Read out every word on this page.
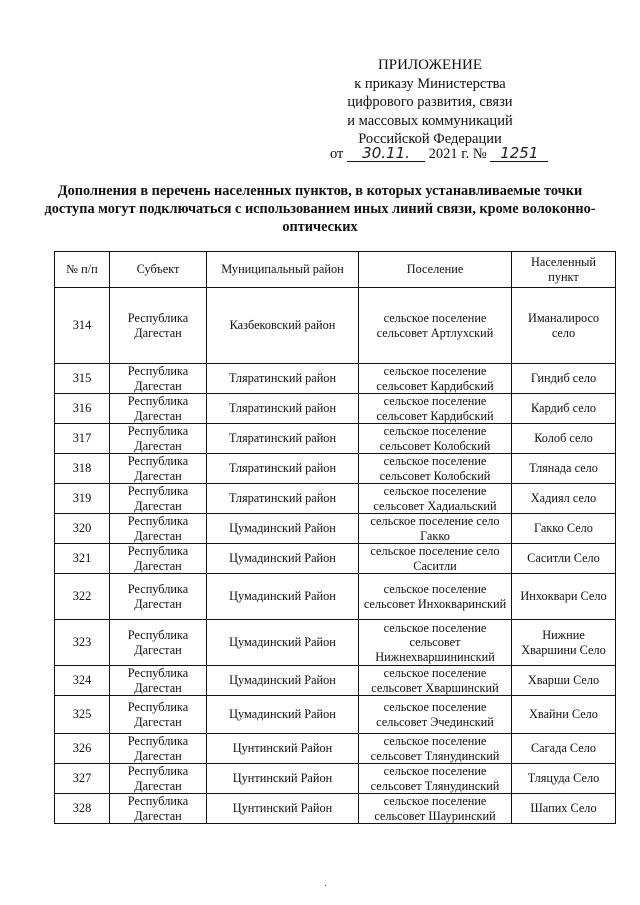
ПРИЛОЖЕНИЕ
к приказу Министерства
цифрового развития, связи
и массовых коммуникаций
Российской Федерации
от 30.11. 2021 г. № 1251
Дополнения в перечень населенных пунктов, в которых устанавливаемые точки доступа могут подключаться с использованием иных линий связи, кроме волоконно-оптических
№ п/п	Субъект	Муниципальный район	Поселение	Населенный пункт
314	Республика Дагестан	Казбековский район	сельское поселение сельсовет Артлухский	Иманалиросо село
315	Республика Дагестан	Тляратинский район	сельское поселение сельсовет Кардибский	Гиндиб село
316	Республика Дагестан	Тляратинский район	сельское поселение сельсовет Кардибский	Кардиб село
317	Республика Дагестан	Тляратинский район	сельское поселение сельсовет Колобский	Колоб село
318	Республика Дагестан	Тляратинский район	сельское поселение сельсовет Колобский	Тлянада село
319	Республика Дагестан	Тляратинский район	сельское поселение сельсовет Хадиальский	Хадиял село
320	Республика Дагестан	Цумадинский Район	сельское поселение село Гакко	Гакко Село
321	Республика Дагестан	Цумадинский Район	сельское поселение село Саситли	Саситли Село
322	Республика Дагестан	Цумадинский Район	сельское поселение сельсовет Инхокваринский	Инхоквари Село
323	Республика Дагестан	Цумадинский Район	сельское поселение сельсовет Нижнехваршининский	Нижние Хваршини Село
324	Республика Дагестан	Цумадинский Район	сельское поселение сельсовет Хваршинский	Хварши Село
325	Республика Дагестан	Цумадинский Район	сельское поселение сельсовет Эчединский	Хвайни Село
326	Республика Дагестан	Цунтинский Район	сельское поселение сельсовет Тлянудинский	Сагада Село
327	Республика Дагестан	Цунтинский Район	сельское поселение сельсовет Тлянудинский	Тляцуда Село
328	Республика Дагестан	Цунтинский Район	сельское поселение сельсовет Шауринский	Шапих Село
